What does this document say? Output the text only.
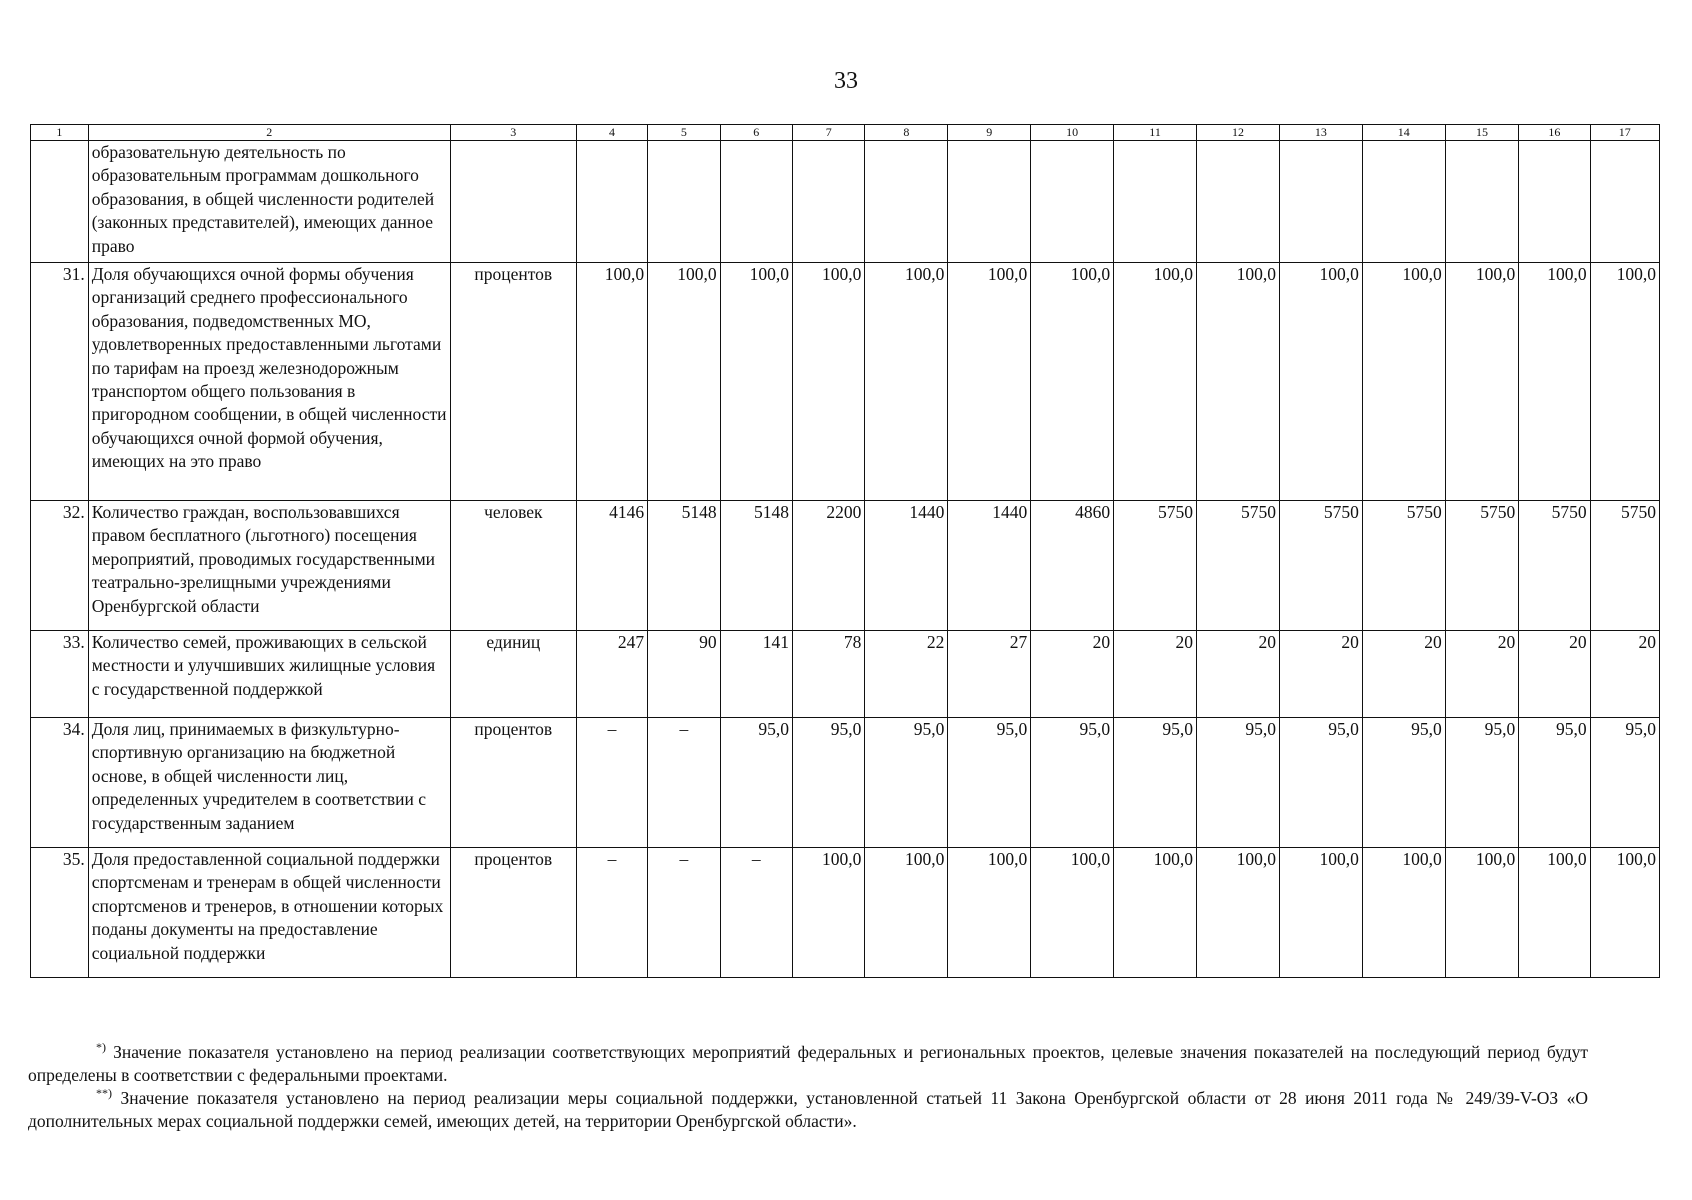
33
1	2	3	4	5	6	7	8	9	10	11	12	13	14	15	16	17
	образовательную деятельность по образовательным программам дошкольного образования, в общей численности родителей (законных представителей), имеющих данное право															
31.	Доля обучающихся очной формы обучения организаций среднего профессионального образования, подведомственных МО, удовлетворенных предоставленными льготами по тарифам на проезд железнодорожным транспортом общего пользования в пригородном сообщении, в общей численности обучающихся очной формой обучения, имеющих на это право	процентов	100,0	100,0	100,0	100,0	100,0	100,0	100,0	100,0	100,0	100,0	100,0	100,0	100,0	100,0
32.	Количество граждан, воспользовавшихся правом бесплатного (льготного) посещения мероприятий, проводимых государственными театрально-зрелищными учреждениями Оренбургской области	человек	4146	5148	5148	2200	1440	1440	4860	5750	5750	5750	5750	5750	5750	5750
33.	Количество семей, проживающих в сельской местности и улучшивших жилищные условия с государственной поддержкой	единиц	247	90	141	78	22	27	20	20	20	20	20	20	20	20
34.	Доля лиц, принимаемых в физкультурно-спортивную организацию на бюджетной основе, в общей численности лиц, определенных учредителем в соответствии с государственным заданием	процентов	–	–	95,0	95,0	95,0	95,0	95,0	95,0	95,0	95,0	95,0	95,0	95,0	95,0
35.	Доля предоставленной социальной поддержки спортсменам и тренерам в общей численности спортсменов и тренеров, в отношении которых поданы документы на предоставление социальной поддержки	процентов	–	–	–	100,0	100,0	100,0	100,0	100,0	100,0	100,0	100,0	100,0	100,0	100,0

*) Значение показателя установлено на период реализации соответствующих мероприятий федеральных и региональных проектов, целевые значения показателей на последующий период будут определены в соответствии с федеральными проектами.

**) Значение показателя установлено на период реализации меры социальной поддержки, установленной статьей 11 Закона Оренбургской области от 28 июня 2011 года № 249/39-V-ОЗ «О дополнительных мерах социальной поддержки семей, имеющих детей, на территории Оренбургской области».
